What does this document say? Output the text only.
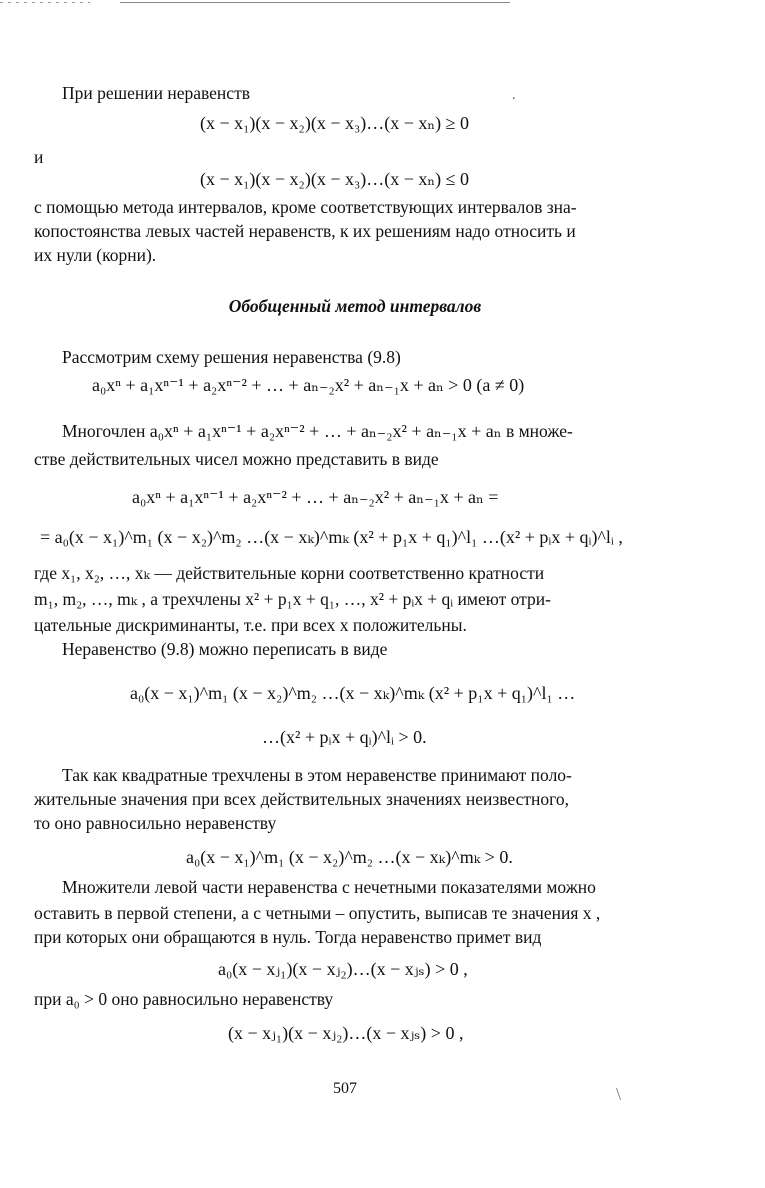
При решении неравенств	.
(x − x₁)(x − x₂)(x − x₃)…(x − xₙ) ≥ 0
и
(x − x₁)(x − x₂)(x − x₃)…(x − xₙ) ≤ 0
с помощью метода интервалов, кроме соответствующих интервалов зна-
копостоянства левых частей неравенств, к их решениям надо относить и
их нули (корни).
Обобщенный метод интервалов
Рассмотрим схему решения неравенства (9.8)
a₀xⁿ + a₁xⁿ⁻¹ + a₂xⁿ⁻² + … + aₙ₋₂x² + aₙ₋₁x + aₙ > 0 (a ≠ 0)
Многочлен a₀xⁿ + a₁xⁿ⁻¹ + a₂xⁿ⁻² + … + aₙ₋₂x² + aₙ₋₁x + aₙ в множе-
стве действительных чисел можно представить в виде
a₀xⁿ + a₁xⁿ⁻¹ + a₂xⁿ⁻² + … + aₙ₋₂x² + aₙ₋₁x + aₙ =
= a₀(x − x₁)^m₁ (x − x₂)^m₂ …(x − xₖ)^mₖ (x² + p₁x + q₁)^l₁ …(x² + pᵢx + qᵢ)^lᵢ ,
где x₁, x₂, …, xₖ — действительные корни соответственно кратности
m₁, m₂, …, mₖ , а трехчлены x² + p₁x + q₁, …, x² + pᵢx + qᵢ имеют отри-
цательные дискриминанты, т.е. при всех x положительны.
Неравенство (9.8) можно переписать в виде
a₀(x − x₁)^m₁ (x − x₂)^m₂ …(x − xₖ)^mₖ (x² + p₁x + q₁)^l₁ …
…(x² + pᵢx + qᵢ)^lᵢ > 0.
Так как квадратные трехчлены в этом неравенстве принимают поло-
жительные значения при всех действительных значениях неизвестного,
то оно равносильно неравенству
a₀(x − x₁)^m₁ (x − x₂)^m₂ …(x − xₖ)^mₖ > 0.
Множители левой части неравенства с нечетными показателями можно
оставить в первой степени, а с четными – опустить, выписав те значения x ,
при которых они обращаются в нуль. Тогда неравенство примет вид
a₀(x − xⱼ₁)(x − xⱼ₂)…(x − xⱼₛ) > 0 ,
при a₀ > 0 оно равносильно неравенству
(x − xⱼ₁)(x − xⱼ₂)…(x − xⱼₛ) > 0 ,
507	\
